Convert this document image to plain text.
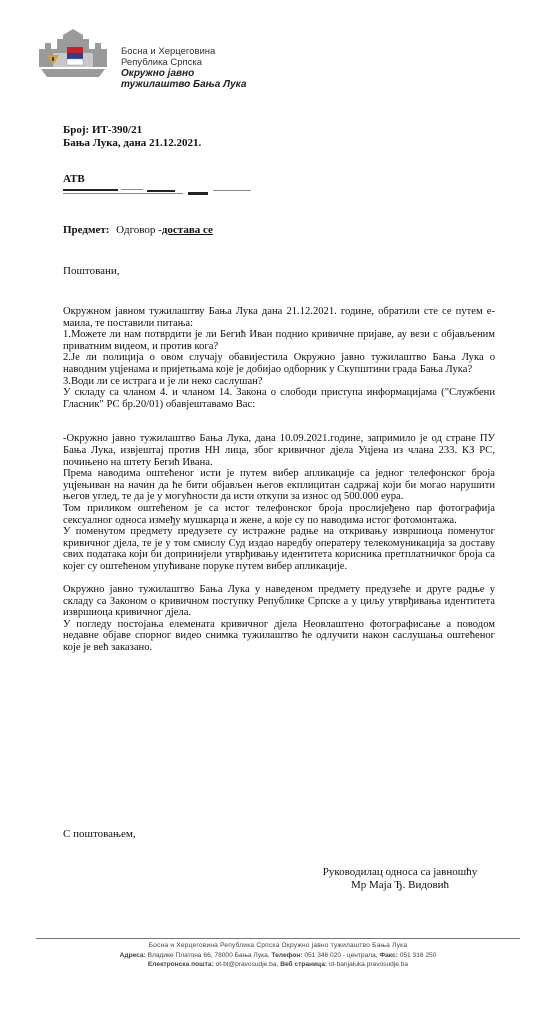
Босна и Херцеговина
Република Српска
Окружно јавно
тужилаштво Бања Лука
Број: ИТ-390/21
Бања Лука, дана 21.12.2021.
АТВ
Предмет: Одговор -достава се
Поштовани,

Окружном јавном тужилаштву Бања Лука дана 21.12.2021. године, обратили сте се путем е-маила, те поставили питања:

1.Можете ли нам потврдити је ли Бегић Иван поднио кривичне пријаве, ау вези с објављеним приватним видеом, и против кога?

2.Је ли полиција о овом случају обавијестила Окружно јавно тужилаштво Бања Лука о наводним уцјенама и пријетњама које је добијао одборник у Скупштини града Бања Лука?

3.Води ли се истрага и је ли неко саслушан?

У складу са чланом 4. и чланом 14. Закона о слободи приступа информацијама ("Службени Гласник" РС бр.20/01) обавјештавамо Вас:

-Окружно јавно тужилаштво Бања Лука, дана 10.09.2021.године, запримило је од стране ПУ Бања Лука, извјештај против НН лица, због кривичног дјела Уцјена из члана 233. КЗ РС, почињено на штету Бегић Ивана.

Према наводима оштећеног исти је путем вибер апликације са једног телефонског броја уцјењиван на начин да ће бити објављен његов екплицитан садржај који би могао нарушити његов углед, те да је у могућности да исти откупи за износ од 500.000 еура.

Том приликом оштећеном је са истог телефонског броја прослијеђено пар фотографија сексуалног односа између мушкарца и жене, а које су по наводима истог фотомонтажа.

У поменутом предмету предузете су истражне радње на откривању извршиоца поменутог кривичног дјела, те је у том смислу Суд издао наредбу оператеру телекомуникација за доставу свих података који би допринијели утврђивању идентитета корисника претплатничког броја са којег су оштећеном упућиване поруке путем вибер апликације.

Окружно јавно тужилаштво Бања Лука у наведеном предмету предузеће и друге радње у складу са Законом о кривичном поступку Републике Српске а у циљу утврђивања идентитета извршиоца кривичног дјела.

У погледу постојања елемената кривичног дјела Неовлаштено фотографисање а поводом недавне објаве спорног видео снимка тужилаштво ће одлучити након саслушања оштећеног које је већ заказано.

С поштовањем,
Руководилац односа са јавношћу
Мр Маја Ђ. Видовић
Босна и Херцеговина Република Српска Окружно јавно тужилаштво Бања Лука
Адреса: Владике Платона 66, 78000 Бања Лука, Телефон: 051 346 020 - централа, Факс: 051 316 250
Електронска пошта: ot-bl@pravosudje.ba, Веб страница: ot-banjaluka.pravosudje.ba
